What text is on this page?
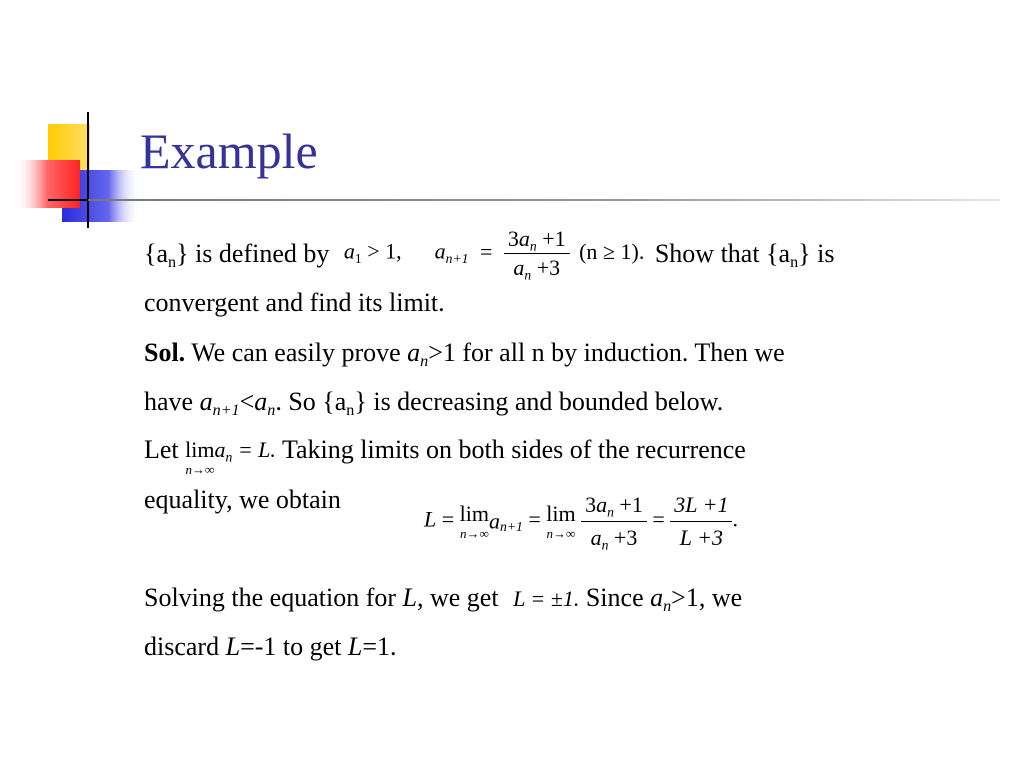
Example
$\{a_n\}$ is defined by $a_1 > 1$, $a_{n+1} = \frac{3a_n +1}{a_n +3} (n \ge 1)$. Show that $\{a_n\}$ is
convergent and find its limit.
Sol. We can easily prove $a_n>1$ for all n by induction. Then we
have $a_{n+1}<a_n$. So $\{a_n\}$ is decreasing and bounded below.
Let lim
n→∞
$a_n = L$. Taking limits on both sides of the recurrence
equality, we obtain
L = lim
n→∞ $a_{n+1} = \lim$
n→∞
$\frac{3a_n +1}{a_n +3} = \frac{3L +1}{L +3}$ .
Solving the equation for L, we get L = ±1. Since $a_n>1$, we
discard L=-1 to get L=1.
